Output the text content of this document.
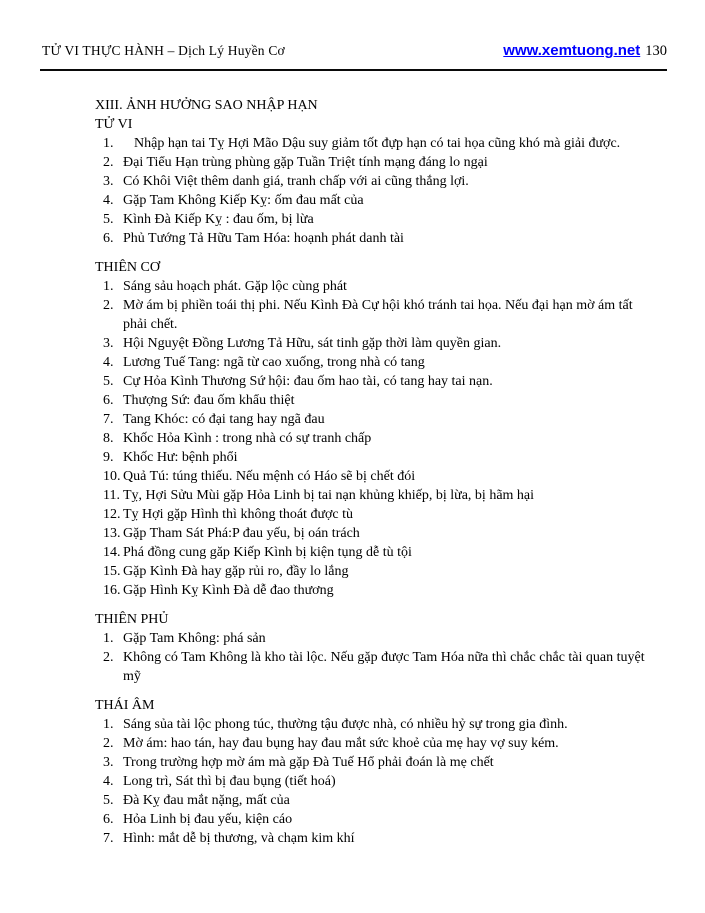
TỬ VI THỰC HÀNH – Dịch Lý Huyền Cơ	www.xemtuong.net 130
XIII. ẢNH HƯỞNG SAO NHẬP HẠN
TỬ VI
1.	Nhập hạn tai Tỵ Hợi Mão Dậu suy giảm tốt đựp hạn có tai họa cũng khó mà giải được.
2. Đại Tiểu Hạn trùng phùng gặp Tuần Triệt tính mạng đáng lo ngại
3. Có Khôi Việt thêm danh giá, tranh chấp với ai cũng thắng lợi.
4. Gặp Tam Không Kiếp Kỵ: ốm đau mất của
5. Kình Đà Kiếp Kỵ : đau ốm, bị lừa
6. Phủ Tướng Tả Hữu Tam Hóa: hoạnh phát danh tài
THIÊN CƠ
1. Sáng sảu hoạch phát. Gặp lộc cùng phát
2. Mờ ám bị phiền toái thị phi. Nếu Kình Đà Cự hội khó tránh tai họa. Nếu đại hạn mờ ám tất phải chết.
3. Hội Nguyệt Đồng Lương Tả Hữu, sát tinh gặp thời làm quyền gian.
4. Lương Tuế Tang: ngã từ cao xuống, trong nhà có tang
5. Cự Hỏa Kình Thương Sứ hội: đau ốm hao tài, có tang hay tai nạn.
6. Thượng Sứ: đau ốm khẩu thiệt
7. Tang Khóc: có đại tang hay ngã đau
8. Khốc Hỏa Kình : trong nhà có sự tranh chấp
9. Khốc Hư: bệnh phổi
10. Quả Tú: túng thiếu. Nếu mệnh có Háo sẽ bị chết đói
11. Tỵ, Hợi Sửu Mùi gặp Hỏa Linh bị tai nạn khủng khiếp, bị lừa, bị hãm hại
12. Tỵ Hợi gặp Hình thì không thoát được tù
13. Gặp Tham Sát Phá:P đau yếu, bị oán trách
14. Phá đồng cung găp Kiếp Kình bị kiện tụng dễ tù tội
15. Gặp Kình Đà hay gặp rủi ro, đầy lo lắng
16. Gặp Hình Kỵ Kình Đà dễ đao thương
THIÊN PHỦ
1. Gặp Tam Không: phá sản
2. Không có Tam Không là kho tài lộc. Nếu gặp được Tam Hóa nữa thì chắc chắc tài quan tuyệt mỹ
THÁI ÂM
1. Sáng sủa tài lộc phong túc, thường tậu được nhà, có nhiều hỷ sự trong gia đình.
2. Mờ ám: hao tán, hay đau bụng hay đau mắt sức khoẻ của mẹ hay vợ suy kém.
3. Trong trường hợp mờ ám mà gặp Đà Tuế Hổ phải đoán là mẹ chết
4. Long trì, Sát thì bị đau bụng (tiết hoá)
5. Đà Kỵ đau mắt nặng, mất của
6. Hỏa Linh bị đau yếu, kiện cáo
7. Hình: mắt dễ bị thương, và chạm kim khí
